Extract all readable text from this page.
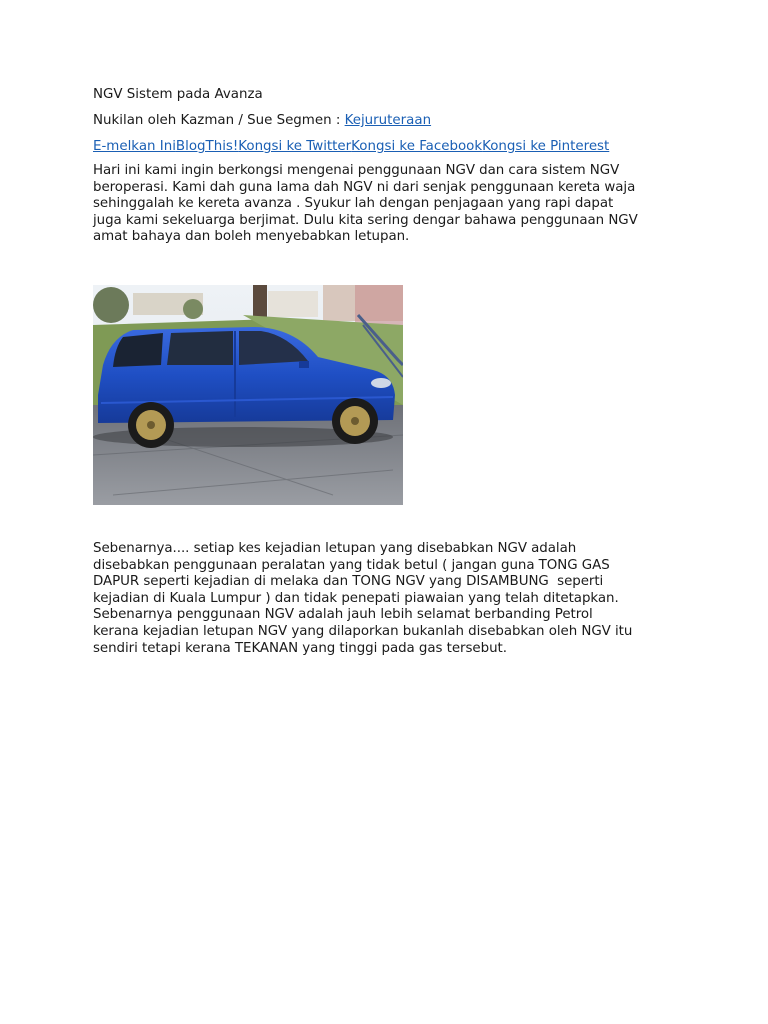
NGV Sistem pada Avanza
Nukilan oleh Kazman / Sue Segmen : Kejuruteraan
E-melkan IniBlogThis!Kongsi ke TwitterKongsi ke FacebookKongsi ke Pinterest
Hari ini kami ingin berkongsi mengenai penggunaan NGV dan cara sistem NGV
beroperasi. Kami dah guna lama dah NGV ni dari senjak penggunaan kereta waja
sehinggalah ke kereta avanza . Syukur lah dengan penjagaan yang rapi dapat
juga kami sekeluarga berjimat. Dulu kita sering dengar bahawa penggunaan NGV
amat bahaya dan boleh menyebabkan letupan.
Sebenarnya.... setiap kes kejadian letupan yang disebabkan NGV adalah
disebabkan penggunaan peralatan yang tidak betul ( jangan guna TONG GAS
DAPUR seperti kejadian di melaka dan TONG NGV yang DISAMBUNG  seperti
kejadian di Kuala Lumpur ) dan tidak penepati piawaian yang telah ditetapkan.
Sebenarnya penggunaan NGV adalah jauh lebih selamat berbanding Petrol
kerana kejadian letupan NGV yang dilaporkan bukanlah disebabkan oleh NGV itu
sendiri tetapi kerana TEKANAN yang tinggi pada gas tersebut.
